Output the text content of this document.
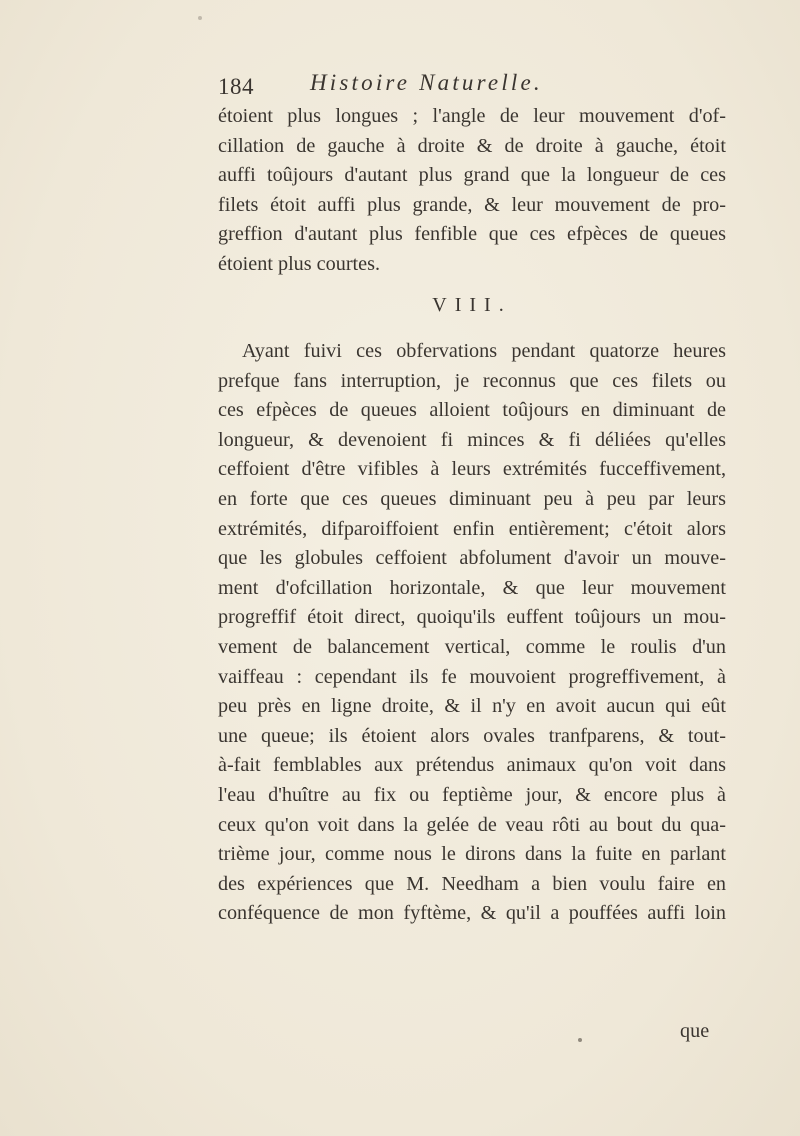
184 Histoire Naturelle.

étoient plus longues ; l'angle de leur mouvement d'of-
cillation de gauche à droite & de droite à gauche, étoit
auffi toûjours d'autant plus grand que la longueur de ces
filets étoit auffi plus grande, & leur mouvement de pro-
greffion d'autant plus fenfible que ces efpèces de queues
étoient plus courtes.

VIII.

Ayant fuivi ces obfervations pendant quatorze heures
prefque fans interruption, je reconnus que ces filets ou
ces efpèces de queues alloient toûjours en diminuant de
longueur, & devenoient fi minces & fi déliées qu'elles
ceffoient d'être vifibles à leurs extrémités fucceffivement,
en forte que ces queues diminuant peu à peu par leurs
extrémités, difparoiffoient enfin entièrement; c'étoit alors
que les globules ceffoient abfolument d'avoir un mouve-
ment d'ofcillation horizontale, & que leur mouvement
progreffif étoit direct, quoiqu'ils euffent toûjours un mou-
vement de balancement vertical, comme le roulis d'un
vaiffeau : cependant ils fe mouvoient progreffivement, à
peu près en ligne droite, & il n'y en avoit aucun qui eût
une queue; ils étoient alors ovales tranfparens, & tout-
à-fait femblables aux prétendus animaux qu'on voit dans
l'eau d'huître au fix ou feptième jour, & encore plus à
ceux qu'on voit dans la gelée de veau rôti au bout du qua-
trième jour, comme nous le dirons dans la fuite en parlant
des expériences que M. Needham a bien voulu faire en
conféquence de mon fyftème, & qu'il a pouffées auffi loin

que
